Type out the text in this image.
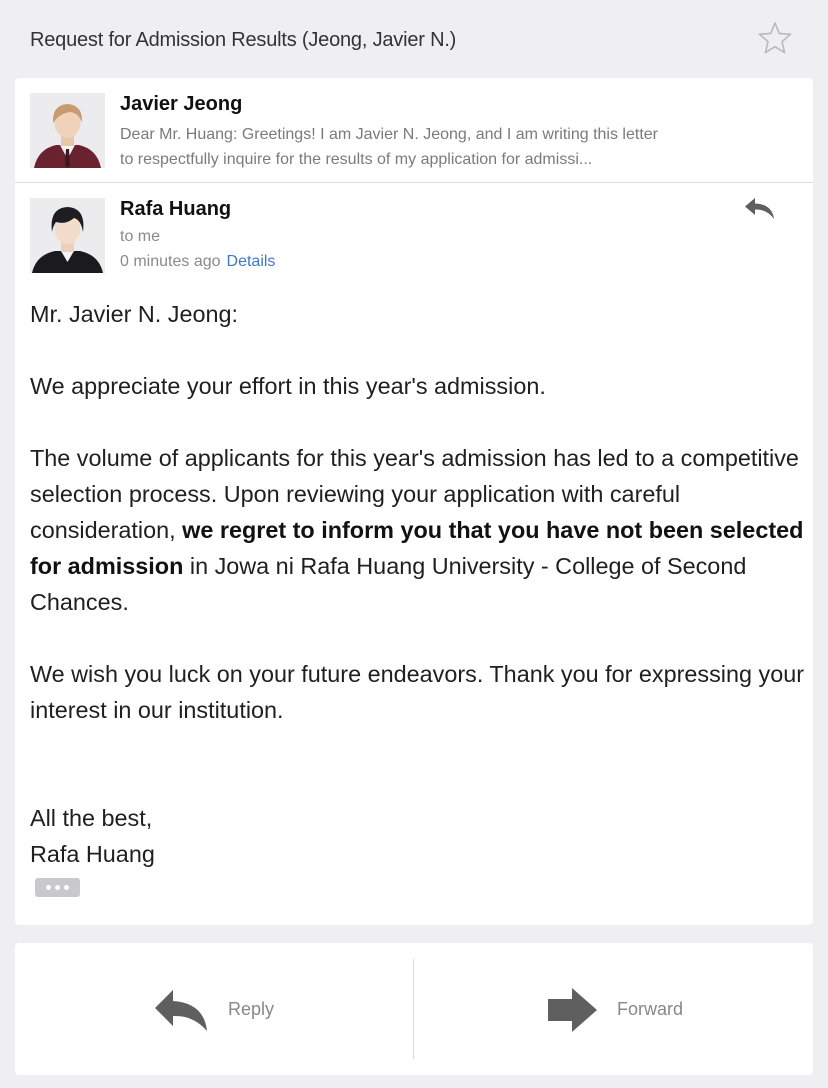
Request for Admission Results (Jeong, Javier N.)
Javier Jeong
Dear Mr. Huang: Greetings! I am Javier N. Jeong, and I am writing this letter
to respectfully inquire for the results of my application for admissi...
Rafa Huang
to me
0 minutes ago Details

Mr. Javier N. Jeong:

We appreciate your effort in this year's admission.

The volume of applicants for this year's admission has led to a competitive selection process. Upon reviewing your application with careful consideration, we regret to inform you that you have not been selected for admission in Jowa ni Rafa Huang University - College of Second Chances.

We wish you luck on your future endeavors. Thank you for expressing your interest in our institution.

All the best,

Rafa Huang

Reply	Forward
